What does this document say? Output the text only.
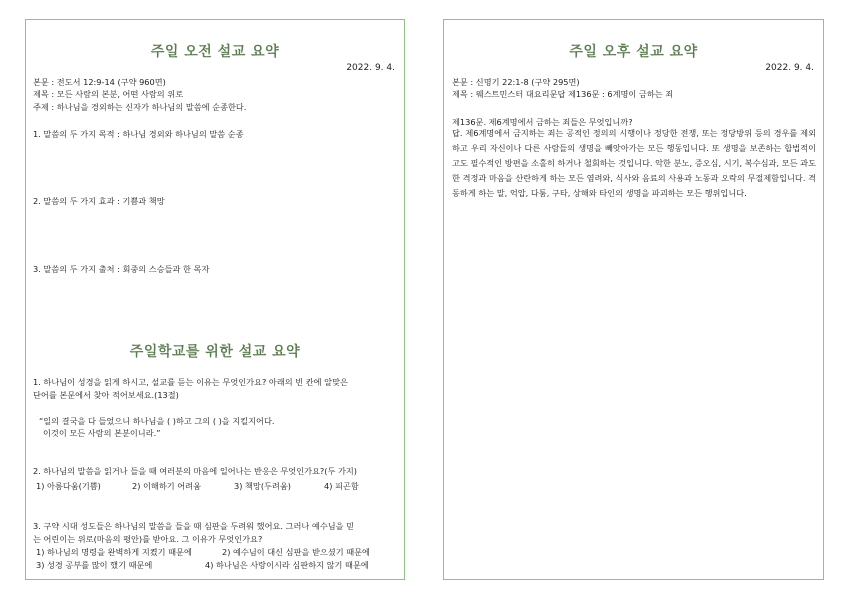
주일 오전 설교 요약
2022. 9. 4.
본문 : 전도서 12:9-14 (구약 960면)
제목 : 모든 사람의 본분, 어떤 사람의 위로
주제 : 하나님을 경외하는 신자가 하나님의 말씀에 순종한다.
1. 말씀의 두 가지 목적 : 하나님 경외와 하나님의 말씀 순종
2. 말씀의 두 가지 효과 : 기쁨과 책망
3. 말씀의 두 가지 출처 : 회중의 스승들과 한 목자
주일학교를 위한 설교 요약
1. 하나님이 성경을 읽게 하시고, 설교를 듣는 이유는 무엇인가요? 아래의 빈 칸에 알맞은
단어를 본문에서 찾아 적어보세요.(13절)
“일의 결국을 다 들었으니 하나님을 ( )하고 그의 ( )을 지킬지어다.
이것이 모든 사람의 본분이니라.”
2. 하나님의 말씀을 읽거나 들을 때 여러분의 마음에 일어나는 반응은 무엇인가요?(두 가지)
1) 아름다움(기쁨)	2) 이해하기 어려움	3) 책망(두려움)	4) 피곤함
3. 구약 시대 성도들은 하나님의 말씀을 들을 때 심판을 두려워 했어요. 그러나 예수님을 믿
는 어린이는 위로(마음의 평안)를 받아요. 그 이유가 무엇인가요?
1) 하나님의 명령을 완벽하게 지켰기 때문에	2) 예수님이 대신 심판을 받으셨기 때문에
3) 성경 공부를 많이 했기 때문에	4) 하나님은 사랑이시라 심판하지 않기 때문에
주일 오후 설교 요약
2022. 9. 4.
본문 : 신명기 22:1-8 (구약 295면)
제목 : 웨스트민스터 대요리문답 제136문 : 6계명이 금하는 죄
제136문. 제6계명에서 금하는 죄들은 무엇입니까?
답. 제6계명에서 금지하는 죄는 공적인 정의의 시행이나 정당한 전쟁, 또는 정당방위 등의 경우를 제외하고 우리 자신이나 다른 사람들의 생명을 빼앗아가는 모든 행동입니다. 또 생명을 보존하는 합법적이고도 필수적인 방편을 소홀히 하거나 철회하는 것입니다. 악한 분노, 증오심, 시기, 복수심과, 모든 과도한 격정과 마음을 산란하게 하는 모든 염려와, 식사와 음료의 사용과 노동과 오락의 무절제함입니다. 격동하게 하는 말, 억압, 다툼, 구타, 상해와 타인의 생명을 파괴하는 모든 행위입니다.
